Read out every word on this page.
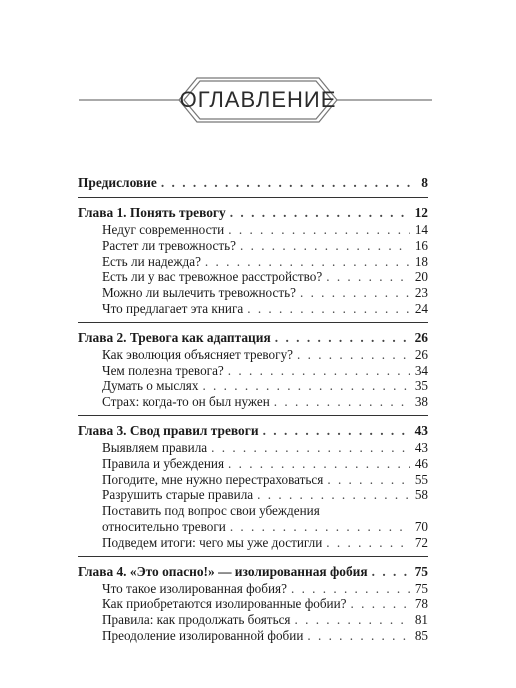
ОГЛАВЛЕНИЕ
Предисловие . . .	8
Глава 1. Понять тревогу . . .	12
Недуг современности . . .	14
Растет ли тревожность? . . .	16
Есть ли надежда? . . .	18
Есть ли у вас тревожное расстройство? . . .	20
Можно ли вылечить тревожность? . . .	23
Что предлагает эта книга . . .	24
Глава 2. Тревога как адаптация . . .	26
Как эволюция объясняет тревогу? . . .	26
Чем полезна тревога? . . .	34
Думать о мыслях . . .	35
Страх: когда-то он был нужен . . .	38
Глава 3. Свод правил тревоги . . .	43
Выявляем правила . . .	43
Правила и убеждения . . .	46
Погодите, мне нужно перестраховаться . . .	55
Разрушить старые правила . . .	58
Поставить под вопрос свои убеждения
относительно тревоги . . .	70
Подведем итоги: чего мы уже достигли . . .	72
Глава 4. «Это опасно!» — изолированная фобия . . .	75
Что такое изолированная фобия? . . .	75
Как приобретаются изолированные фобии? . . .	78
Правила: как продолжать бояться . . .	81
Преодоление изолированной фобии . . .	85
